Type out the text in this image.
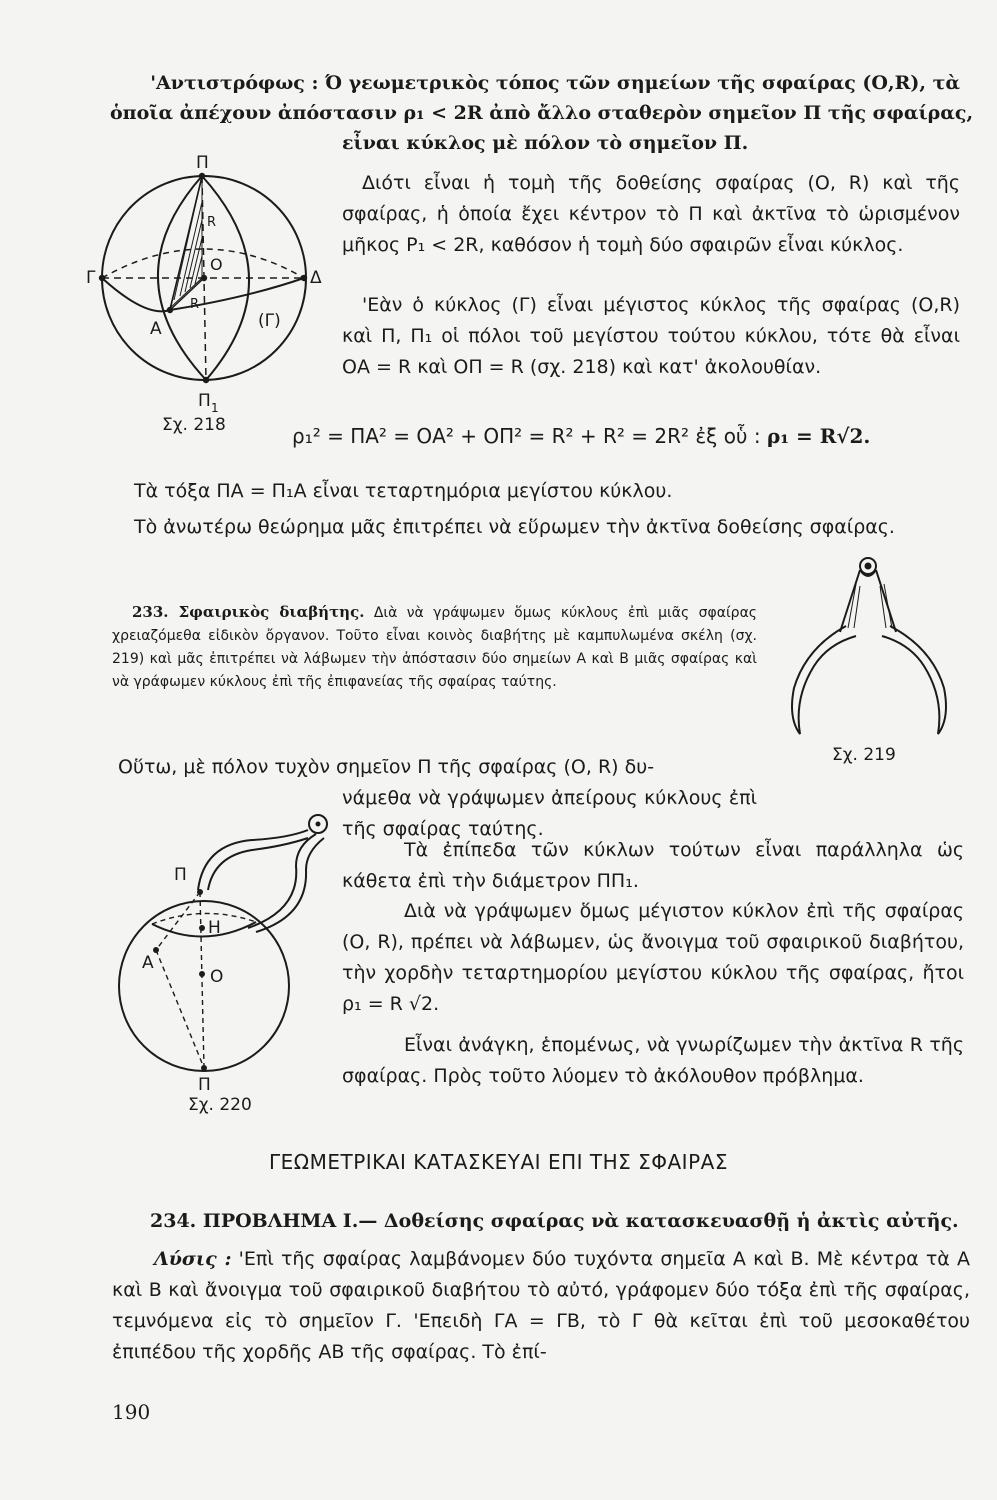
'Αντιστρόφως : Ό γεωμετρικὸς τόπος τῶν σημείων τῆς σφαίρας (Ο,R), τὰ
ὁποῖα ἀπέχουν ἀπόστασιν ρ₁ < 2R ἀπὸ ἄλλο σταθερὸν σημεῖον Π τῆς σφαίρας,
εἶναι κύκλος μὲ πόλον τὸ σημεῖον Π.
Διότι εἶναι ἡ τομὴ τῆς δοθείσης σφαίρας (Ο, R) καὶ τῆς σφαίρας, ἡ ὁποία ἔχει κέντρον τὸ Π καὶ ἀκτῖνα τὸ ὡρισμένον μῆκος P₁ < 2R, καθόσον ἡ τομὴ δύο σφαιρῶν εἶναι κύκλος.
'Εὰν ὁ κύκλος (Γ) εἶναι μέγιστος κύκλος τῆς σφαίρας (Ο,R) καὶ Π, Π₁ οἱ πόλοι τοῦ μεγίστου τούτου κύκλου, τότε θὰ εἶναι ΟΑ = R καὶ ΟΠ = R (σχ. 218) καὶ κατ' ἀκολουθίαν.
ρ₁² = ΠΑ² = ΟΑ² + ΟΠ² = R² + R² = 2R² ἐξ οὗ : ρ₁ = R√2.
Τὰ τόξα ΠΑ = Π₁Α εἶναι τεταρτημόρια μεγίστου κύκλου.
Τὸ ἀνωτέρω θεώρημα μᾶς ἐπιτρέπει νὰ εὕρωμεν τὴν ἀκτῖνα δοθείσης σφαίρας.
233. Σφαιρικὸς διαβήτης. Διὰ νὰ γράψωμεν ὅμως κύκλους ἐπὶ μιᾶς σφαίρας χρειαζόμεθα εἰδικὸν ὄργανον. Τοῦτο εἶναι κοινὸς διαβήτης μὲ καμπυλωμένα σκέλη (σχ. 219) καὶ μᾶς ἐπιτρέπει νὰ λάβωμεν τὴν ἀπόστασιν δύο σημείων Α καὶ Β μιᾶς σφαίρας καὶ νὰ γράφωμεν κύκλους ἐπὶ τῆς ἐπιφανείας τῆς σφαίρας ταύτης.
Οὕτω, μὲ πόλον τυχὸν σημεῖον Π τῆς σφαίρας (Ο, R) δυ-
νάμεθα νὰ γράψωμεν ἀπείρους κύκλους ἐπὶ τῆς σφαίρας ταύτης.
Τὰ ἐπίπεδα τῶν κύκλων τούτων εἶναι παράλληλα ὡς κάθετα ἐπὶ τὴν διάμετρον ΠΠ₁.
Διὰ νὰ γράψωμεν ὅμως μέγιστον κύκλον ἐπὶ τῆς σφαίρας (Ο, R), πρέπει νὰ λάβωμεν, ὡς ἄνοιγμα τοῦ σφαιρικοῦ διαβήτου, τὴν χορδὴν τεταρτημορίου μεγίστου κύκλου τῆς σφαίρας, ἤτοι ρ₁ = R √2.
Εἶναι ἀνάγκη, ἑπομένως, νὰ γνωρίζωμεν τὴν ἀκτῖνα R τῆς σφαίρας. Πρὸς τοῦτο λύομεν τὸ ἀκόλουθον πρόβλημα.
ΓΕΩΜΕΤΡΙΚΑΙ ΚΑΤΑΣΚΕΥΑΙ ΕΠΙ ΤΗΣ ΣΦΑΙΡΑΣ
234. ΠΡΟΒΛΗΜΑ Ι.— Δοθείσης σφαίρας νὰ κατασκευασθῇ ἡ ἀκτὶς αὐτῆς.
Λύσις : 'Επὶ τῆς σφαίρας λαμβάνομεν δύο τυχόντα σημεῖα Α καὶ Β. Μὲ κέντρα τὰ Α καὶ Β καὶ ἄνοιγμα τοῦ σφαιρικοῦ διαβήτου τὸ αὐτό, γράφομεν δύο τόξα ἐπὶ τῆς σφαίρας, τεμνόμενα εἰς τὸ σημεῖον Γ. 'Επειδὴ ΓΑ = ΓΒ, τὸ Γ θὰ κεῖται ἐπὶ τοῦ μεσοκαθέτου ἐπιπέδου τῆς χορδῆς ΑΒ τῆς σφαίρας. Τὸ ἐπί-
190
Π
Π 1
Γ	Δ
Ο
Α
R
R
(Γ)
Σχ. 218
Σχ. 219
Π
Η
Α
Ο
Π
Σχ. 220
